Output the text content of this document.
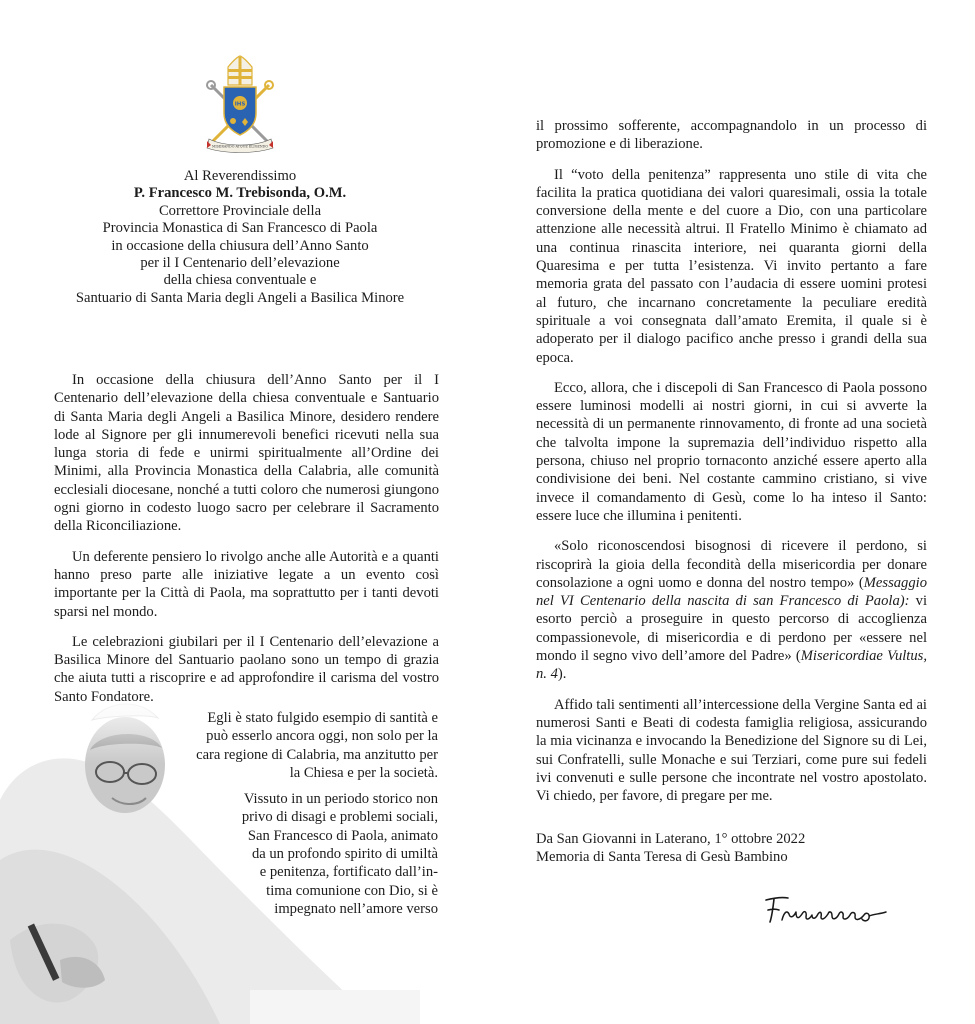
IHS
MISERANDO ATQUE ELIGENDO
Al Reverendissimo
P. Francesco M. Trebisonda, O.M.
Correttore Provinciale della
Provincia Monastica di San Francesco di Paola
in occasione della chiusura dell’Anno Santo
per il I Centenario dell’elevazione
della chiesa conventuale e
Santuario di Santa Maria degli Angeli a Basilica Minore

In occasione della chiusura dell’Anno Santo per il I Centenario dell’elevazione della chiesa conventuale e Santuario di Santa Maria degli Angeli a Basilica Minore, desidero rendere lode al Signore per gli innumerevoli benefici ricevuti nella sua lunga storia di fede e unirmi spiritualmente all’Ordine dei Minimi, alla Provincia Monastica della Calabria, alle comunità ecclesiali diocesane, nonché a tutti coloro che numerosi giungono ogni giorno in codesto luogo sacro per celebrare il Sacramento della Riconciliazione.

Un deferente pensiero lo rivolgo anche alle Autorità e a quanti hanno preso parte alle iniziative legate a un evento così importante per la Città di Paola, ma soprattutto per i tanti devoti sparsi nel mondo.

Le celebrazioni giubilari per il I Centenario dell’elevazione a Basilica Minore del Santuario paolano sono un tempo di grazia che aiuta tutti a riscoprire e ad approfondire il carisma del vostro Santo Fondatore.

Egli è stato fulgido esempio di santità e
può esserlo ancora oggi, non solo per la
cara regione di Calabria, ma anzitutto per
la Chiesa e per la società.
Vissuto in un periodo storico non
privo di disagi e problemi sociali,
San Francesco di Paola, animato
da un profondo spirito di umiltà
e penitenza, fortificato dall’in-
tima comunione con Dio, si è
impegnato nell’amore verso

il prossimo sofferente, accompagnandolo in un processo di promozione e di liberazione.

Il “voto della penitenza” rappresenta uno stile di vita che facilita la pratica quotidiana dei valori quaresimali, ossia la totale conversione della mente e del cuore a Dio, con una particolare attenzione alle necessità altrui. Il Fratello Minimo è chiamato ad una continua rinascita interiore, nei quaranta giorni della Quaresima e per tutta l’esistenza. Vi invito pertanto a fare memoria grata del passato con l’audacia di essere uomini protesi al futuro, che incarnano concretamente la peculiare eredità spirituale a voi consegnata dall’amato Eremita, il quale si è adoperato per il dialogo pacifico anche presso i grandi della sua epoca.

Ecco, allora, che i discepoli di San Francesco di Paola possono essere luminosi modelli ai nostri giorni, in cui si avverte la necessità di un permanente rinnovamento, di fronte ad una società che talvolta impone la supremazia dell’individuo rispetto alla persona, chiuso nel proprio tornaconto anziché essere aperto alla condivisione dei beni. Nel costante cammino cristiano, si vive invece il comandamento di Gesù, come lo ha inteso il Santo: essere luce che illumina i penitenti.

«Solo riconoscendosi bisognosi di ricevere il perdono, si riscoprirà la gioia della fecondità della misericordia per donare consolazione a ogni uomo e donna del nostro tempo» (Messaggio nel VI Centenario della nascita di san Francesco di Paola): vi esorto perciò a proseguire in questo percorso di accoglienza compassionevole, di misericordia e di perdono per «essere nel mondo il segno vivo dell’amore del Padre» (Misericordiae Vultus, n. 4).

Affido tali sentimenti all’intercessione della Vergine Santa ed ai numerosi Santi e Beati di codesta famiglia religiosa, assicurando la mia vicinanza e invocando la Benedizione del Signore su di Lei, sui Confratelli, sulle Monache e sui Terziari, come pure sui fedeli ivi convenuti e sulle persone che incontrate nel vostro apostolato. Vi chiedo, per favore, di pregare per me.

Da San Giovanni in Laterano, 1° ottobre 2022
Memoria di Santa Teresa di Gesù Bambino
